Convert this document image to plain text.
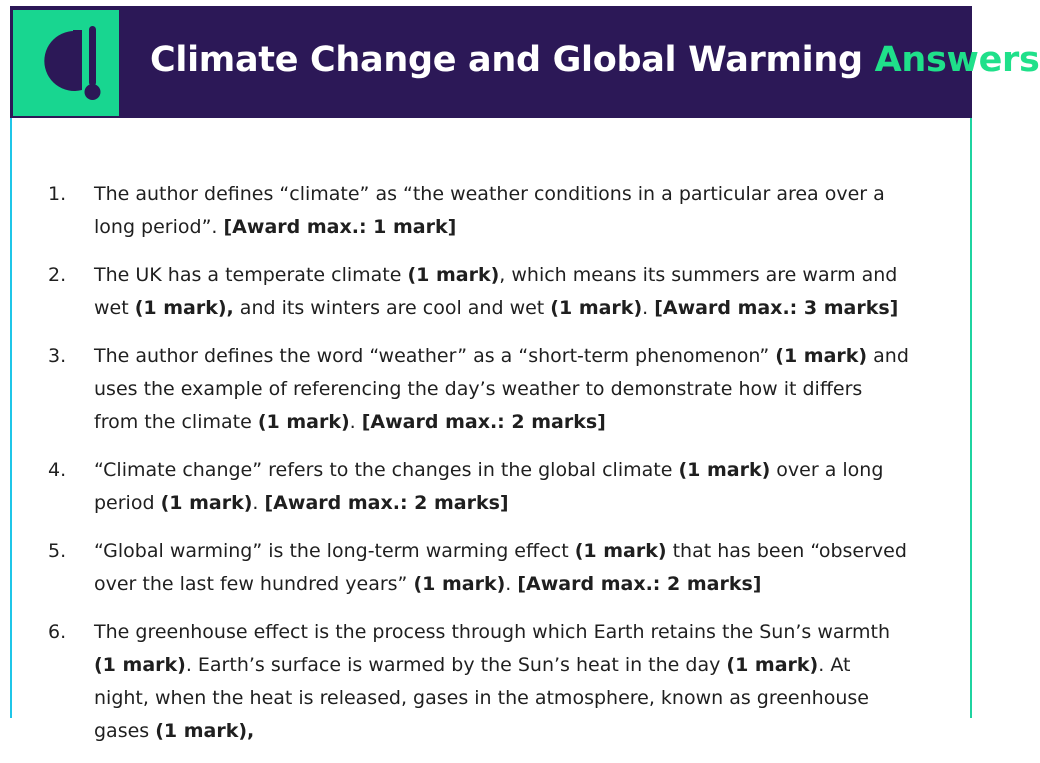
Climate Change and Global Warming Answers
1. The author defines “climate” as “the weather conditions in a particular area over a long period”. [Award max.: 1 mark]
2. The UK has a temperate climate (1 mark), which means its summers are warm and wet (1 mark), and its winters are cool and wet (1 mark). [Award max.: 3 marks]
3. The author defines the word “weather” as a “short-term phenomenon” (1 mark) and uses the example of referencing the day’s weather to demonstrate how it differs from the climate (1 mark). [Award max.: 2 marks]
4. “Climate change” refers to the changes in the global climate (1 mark) over a long period (1 mark). [Award max.: 2 marks]
5. “Global warming” is the long-term warming effect (1 mark) that has been “observed over the last few hundred years” (1 mark). [Award max.: 2 marks]
6. The greenhouse effect is the process through which Earth retains the Sun’s warmth (1 mark). Earth’s surface is warmed by the Sun’s heat in the day (1 mark). At night, when the heat is released, gases in the atmosphere, known as greenhouse gases (1 mark),
